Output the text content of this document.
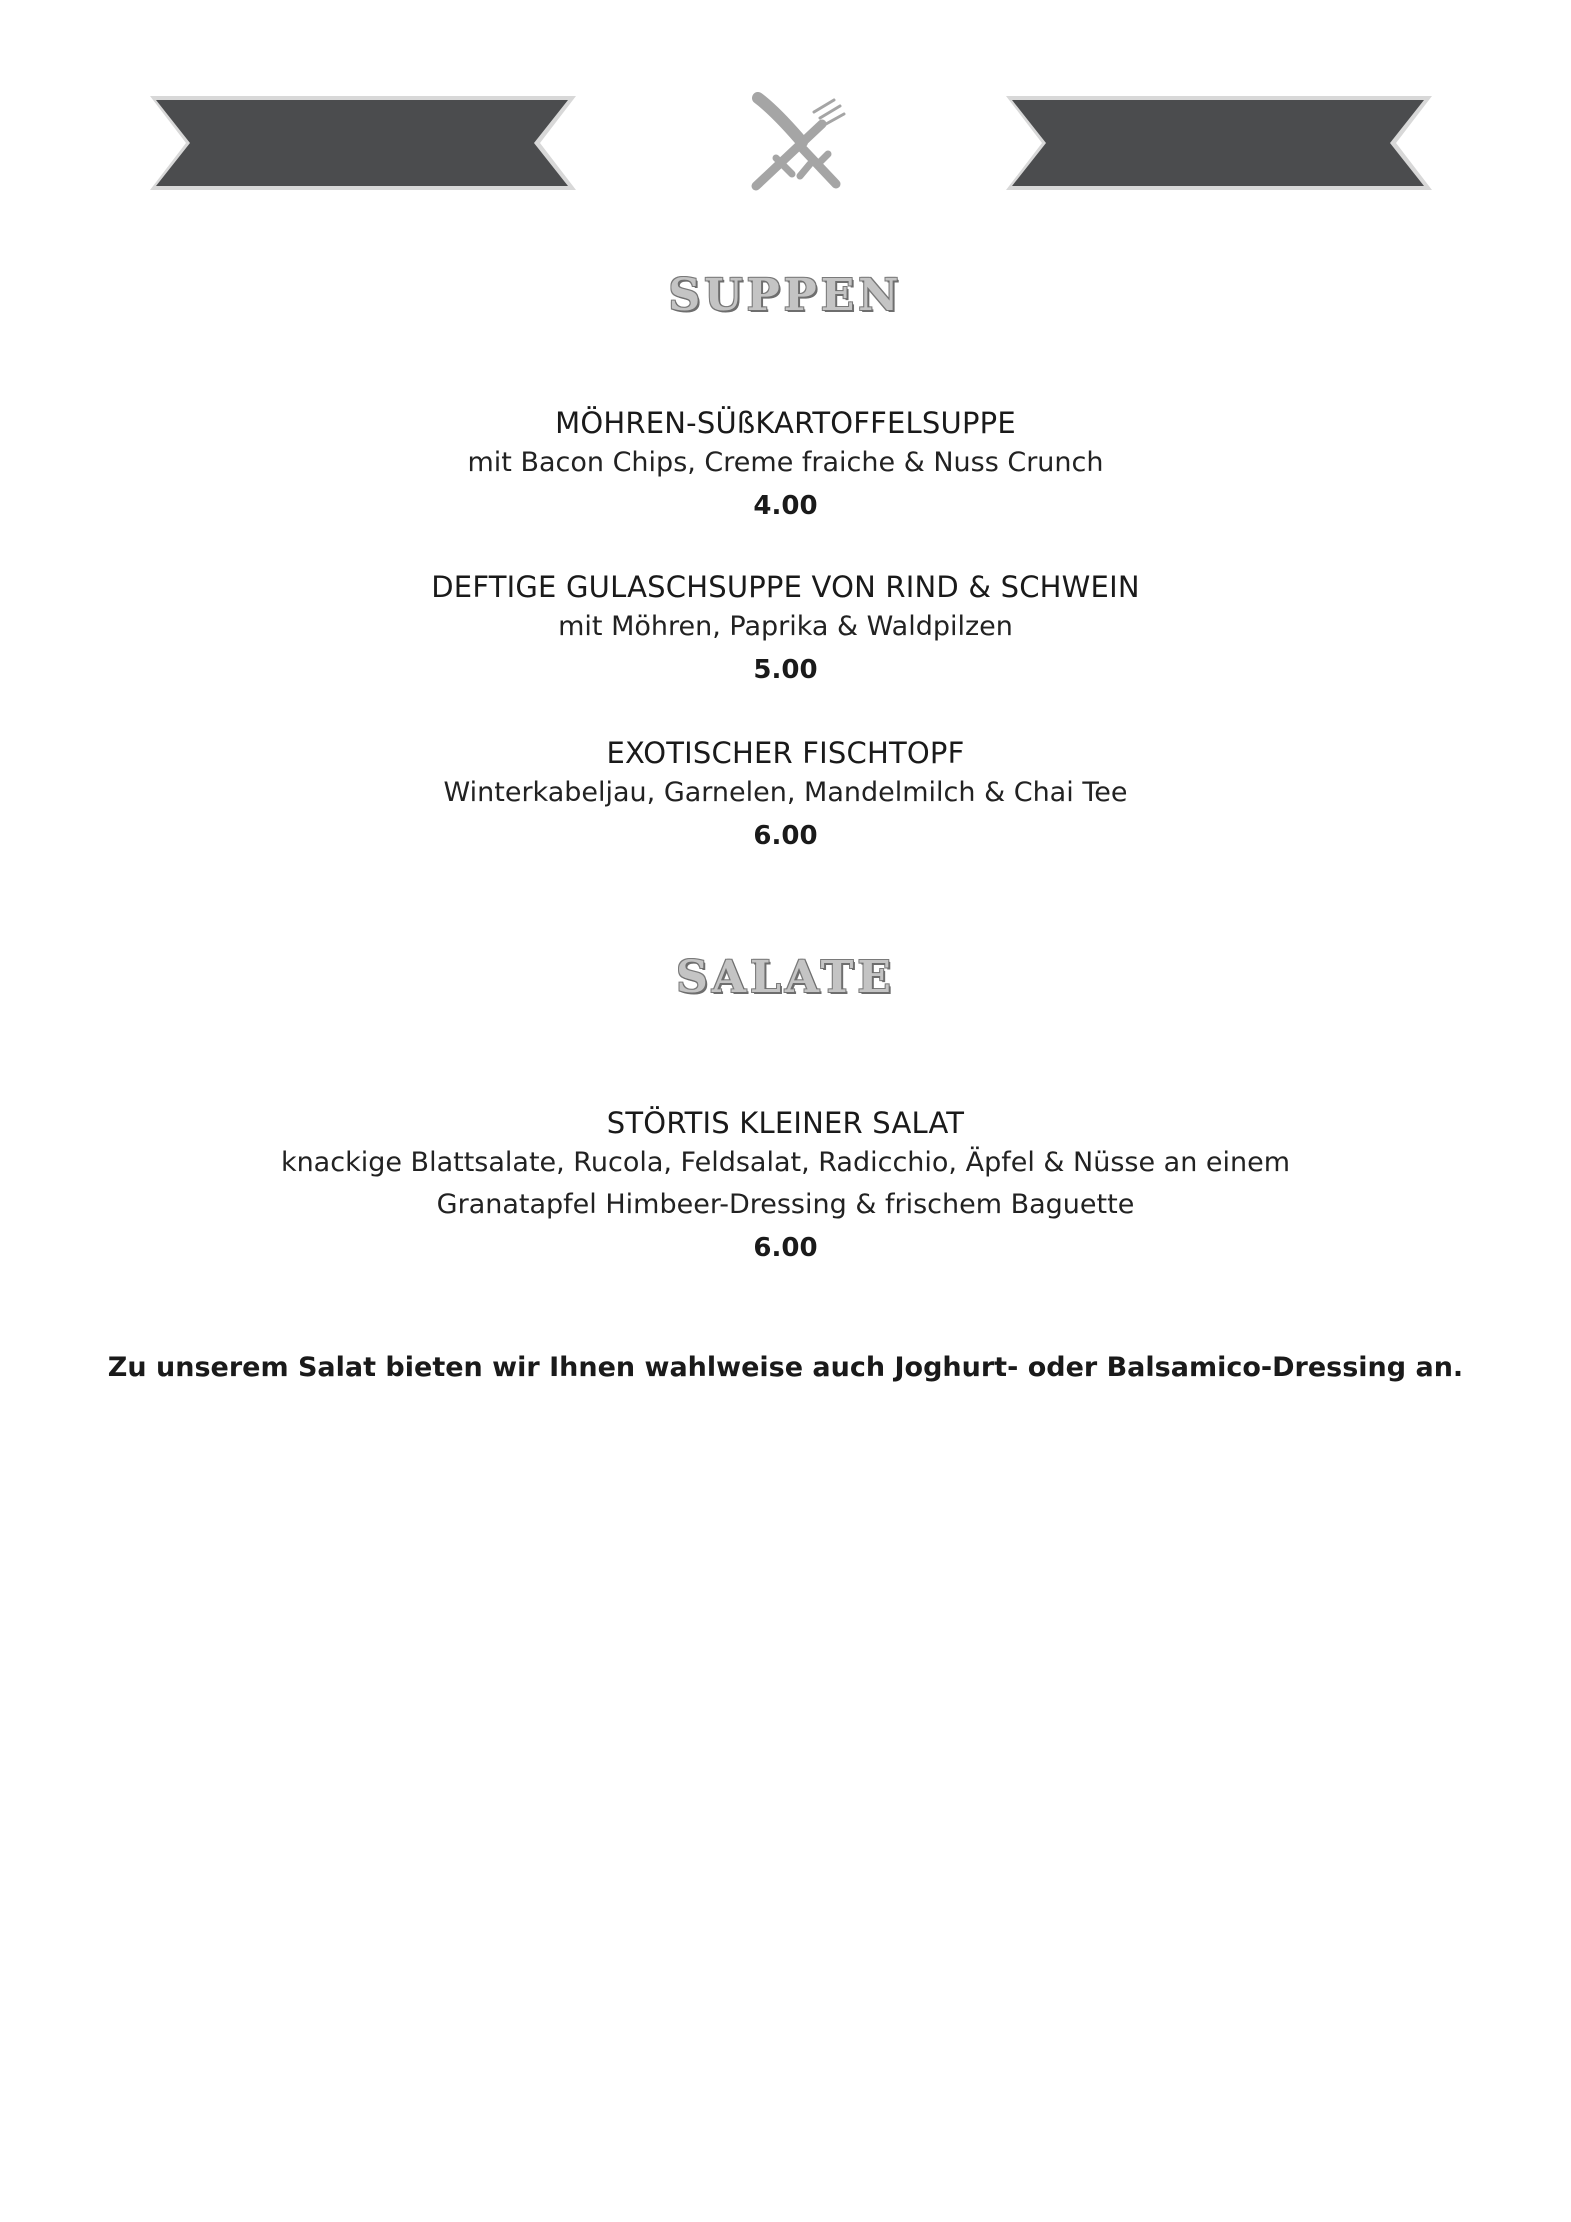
SUPPEN
MÖHREN-SÜßKARTOFFELSUPPE
mit Bacon Chips, Creme fraiche & Nuss Crunch
4.00
DEFTIGE GULASCHSUPPE VON RIND & SCHWEIN
mit Möhren, Paprika & Waldpilzen
5.00
EXOTISCHER FISCHTOPF
Winterkabeljau, Garnelen, Mandelmilch & Chai Tee
6.00
SALATE
STÖRTIS KLEINER SALAT
knackige Blattsalate, Rucola, Feldsalat, Radicchio, Äpfel & Nüsse an einem
Granatapfel Himbeer-Dressing & frischem Baguette
6.00
Zu unserem Salat bieten wir Ihnen wahlweise auch Joghurt- oder Balsamico-Dressing an.
